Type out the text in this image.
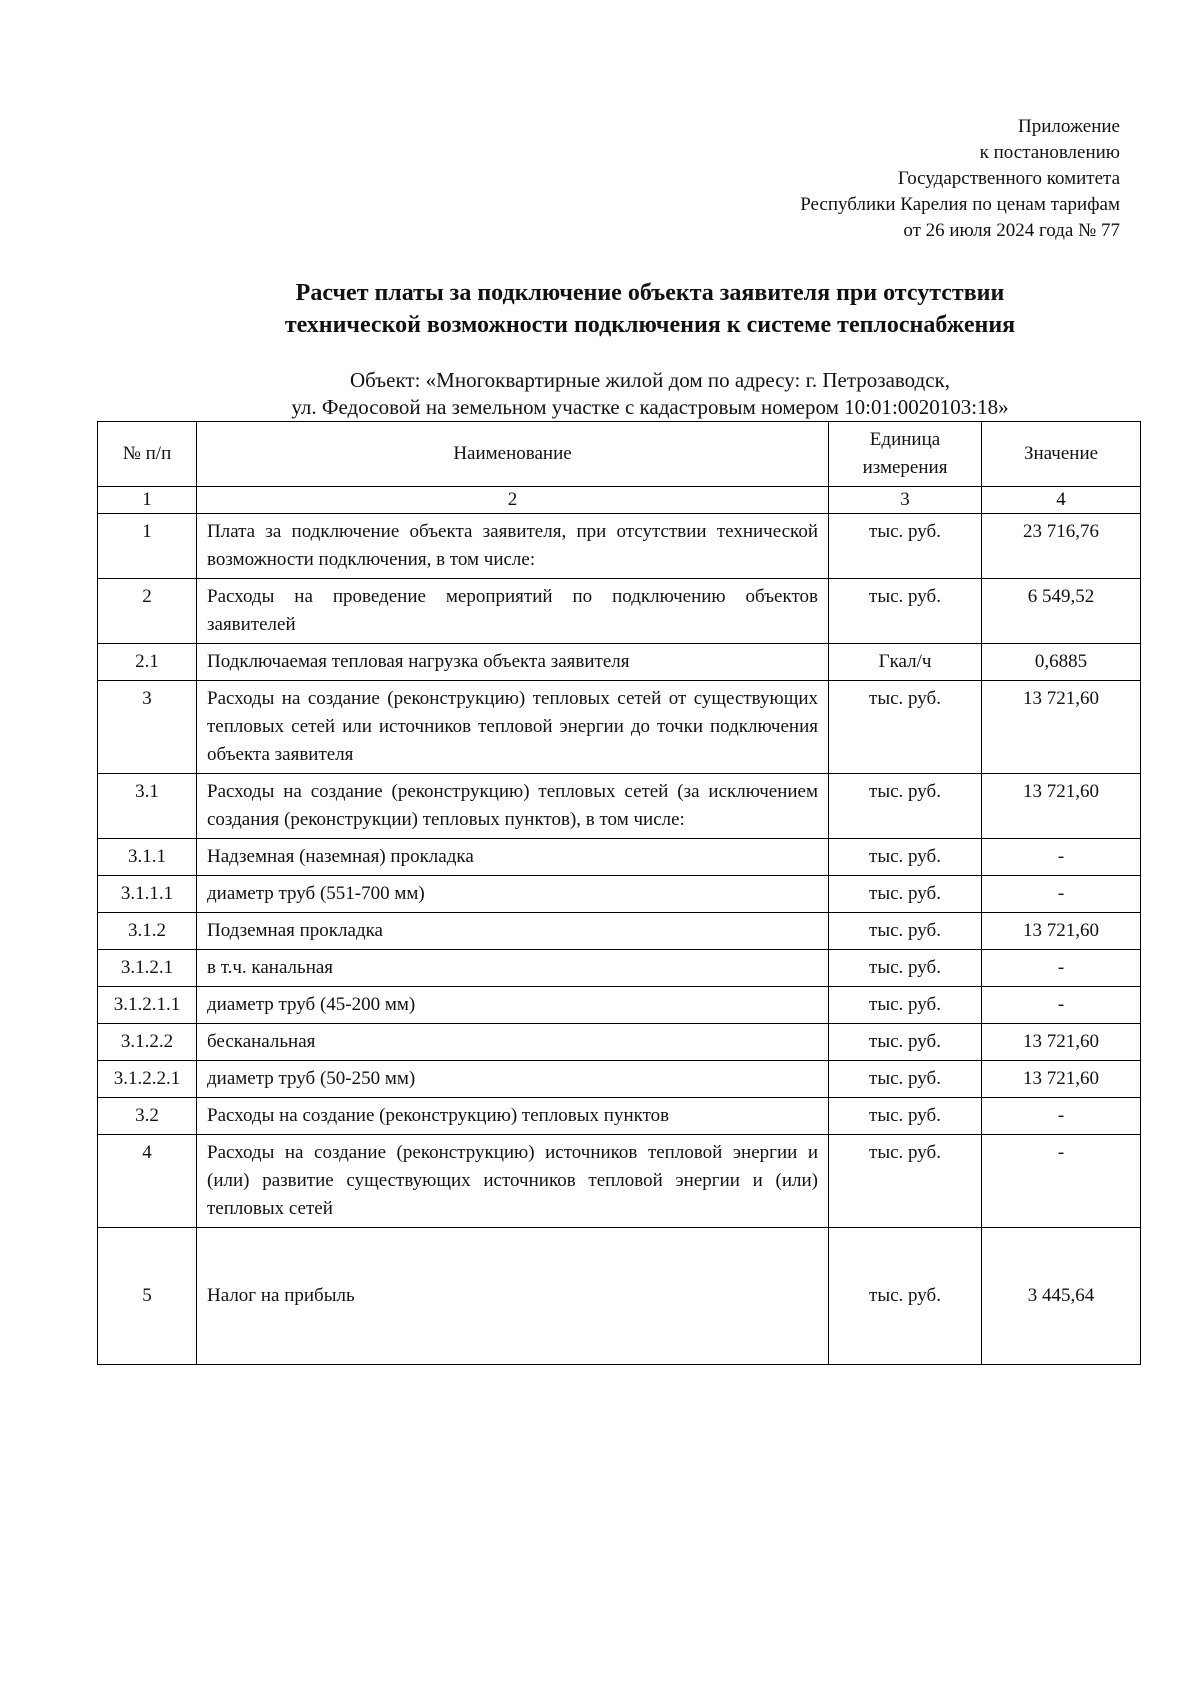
Приложение
к постановлению
Государственного комитета
Республики Карелия по ценам тарифам
от 26 июля 2024 года № 77
Расчет платы за подключение объекта заявителя при отсутствии
технической возможности подключения к системе теплоснабжения
Объект: «Многоквартирные жилой дом по адресу: г. Петрозаводск,
ул. Федосовой на земельном участке с кадастровым номером 10:01:0020103:18»
№ п/п	Наименование	Единица измерения	Значение
1	2	3	4
1	Плата за подключение объекта заявителя, при отсутствии технической возможности подключения, в том числе:	тыс. руб.	23 716,76
2	Расходы на проведение мероприятий по подключению объектов заявителей	тыс. руб.	6 549,52
2.1	Подключаемая тепловая нагрузка объекта заявителя	Гкал/ч	0,6885
3	Расходы на создание (реконструкцию) тепловых сетей от существующих тепловых сетей или источников тепловой энергии до точки подключения объекта заявителя	тыс. руб.	13 721,60
3.1	Расходы на создание (реконструкцию) тепловых сетей (за исключением создания (реконструкции) тепловых пунктов), в том числе:	тыс. руб.	13 721,60
3.1.1	Надземная (наземная) прокладка	тыс. руб.	-
3.1.1.1	диаметр труб (551-700 мм)	тыс. руб.	-
3.1.2	Подземная прокладка	тыс. руб.	13 721,60
3.1.2.1	в т.ч. канальная	тыс. руб.	-
3.1.2.1.1	диаметр труб (45-200 мм)	тыс. руб.	-
3.1.2.2	бесканальная	тыс. руб.	13 721,60
3.1.2.2.1	диаметр труб (50-250 мм)	тыс. руб.	13 721,60
3.2	Расходы на создание (реконструкцию) тепловых пунктов	тыс. руб.	-
4	Расходы на создание (реконструкцию) источников тепловой энергии и (или) развитие существующих источников тепловой энергии и (или) тепловых сетей	тыс. руб.	-
5	Налог на прибыль	тыс. руб.	3 445,64
